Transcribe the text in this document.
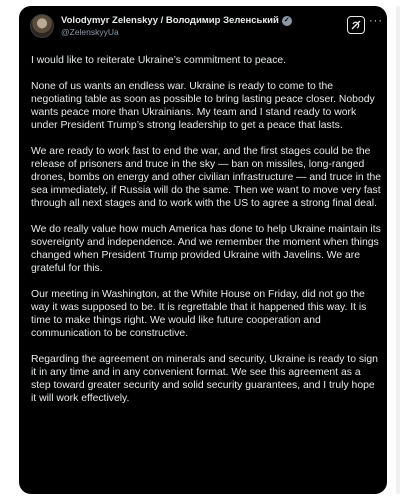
Volodymyr Zelenskyy / Володимир Зеленський ✓
@ZelenskyyUa
···

I would like to reiterate Ukraine’s commitment to peace.

None of us wants an endless war. Ukraine is ready to come to the negotiating table as soon as possible to bring lasting peace closer. Nobody wants peace more than Ukrainians. My team and I stand ready to work under President Trump’s strong leadership to get a peace that lasts.

We are ready to work fast to end the war, and the first stages could be the release of prisoners and truce in the sky — ban on missiles, long-ranged drones, bombs on energy and other civilian infrastructure — and truce in the sea immediately, if Russia will do the same. Then we want to move very fast through all next stages and to work with the US to agree a strong final deal.

We do really value how much America has done to help Ukraine maintain its sovereignty and independence. And we remember the moment when things changed when President Trump provided Ukraine with Javelins. We are grateful for this.

Our meeting in Washington, at the White House on Friday, did not go the way it was supposed to be. It is regrettable that it happened this way. It is time to make things right. We would like future cooperation and communication to be constructive.

Regarding the agreement on minerals and security, Ukraine is ready to sign it in any time and in any convenient format. We see this agreement as a step toward greater security and solid security guarantees, and I truly hope it will work effectively.
